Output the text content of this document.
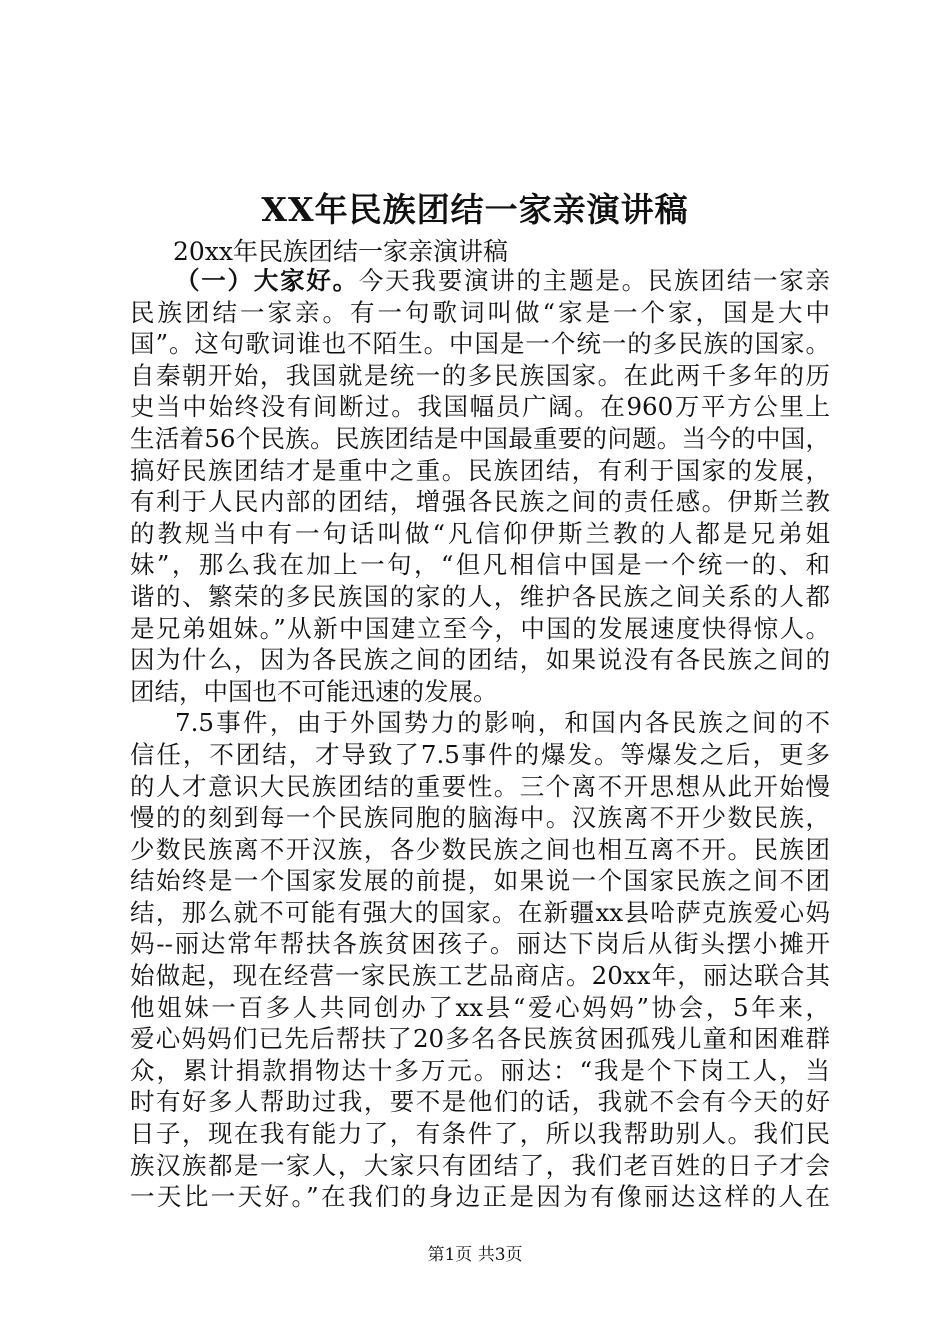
XX年民族团结一家亲演讲稿
20xx年民族团结一家亲演讲稿
（一）大家好。今天我要演讲的主题是。民族团结一家亲
民族团结一家亲。有一句歌词叫做“家是一个家，国是大中
国”。这句歌词谁也不陌生。中国是一个统一的多民族的国家。
自秦朝开始，我国就是统一的多民族国家。在此两千多年的历
史当中始终没有间断过。我国幅员广阔。在960万平方公里上
生活着56个民族。民族团结是中国最重要的问题。当今的中国，
搞好民族团结才是重中之重。民族团结，有利于国家的发展，
有利于人民内部的团结，增强各民族之间的责任感。伊斯兰教
的教规当中有一句话叫做“凡信仰伊斯兰教的人都是兄弟姐
妹”，那么我在加上一句，“但凡相信中国是一个统一的、和
谐的、繁荣的多民族国的家的人，维护各民族之间关系的人都
是兄弟姐妹。”从新中国建立至今，中国的发展速度快得惊人。
因为什么，因为各民族之间的团结，如果说没有各民族之间的
团结，中国也不可能迅速的发展。
7.5事件，由于外国势力的影响，和国内各民族之间的不
信任，不团结，才导致了7.5事件的爆发。等爆发之后，更多
的人才意识大民族团结的重要性。三个离不开思想从此开始慢
慢的的刻到每一个民族同胞的脑海中。汉族离不开少数民族，
少数民族离不开汉族，各少数民族之间也相互离不开。民族团
结始终是一个国家发展的前提，如果说一个国家民族之间不团
结，那么就不可能有强大的国家。在新疆xx县哈萨克族爱心妈
妈--丽达常年帮扶各族贫困孩子。丽达下岗后从街头摆小摊开
始做起，现在经营一家民族工艺品商店。20xx年，丽达联合其
他姐妹一百多人共同创办了xx县“爱心妈妈”协会，5年来，
爱心妈妈们已先后帮扶了20多名各民族贫困孤残儿童和困难群
众，累计捐款捐物达十多万元。丽达：“我是个下岗工人，当
时有好多人帮助过我，要不是他们的话，我就不会有今天的好
日子，现在我有能力了，有条件了，所以我帮助别人。我们民
族汉族都是一家人，大家只有团结了，我们老百姓的日子才会
一天比一天好。”在我们的身边正是因为有像丽达这样的人在
第1页 共3页
